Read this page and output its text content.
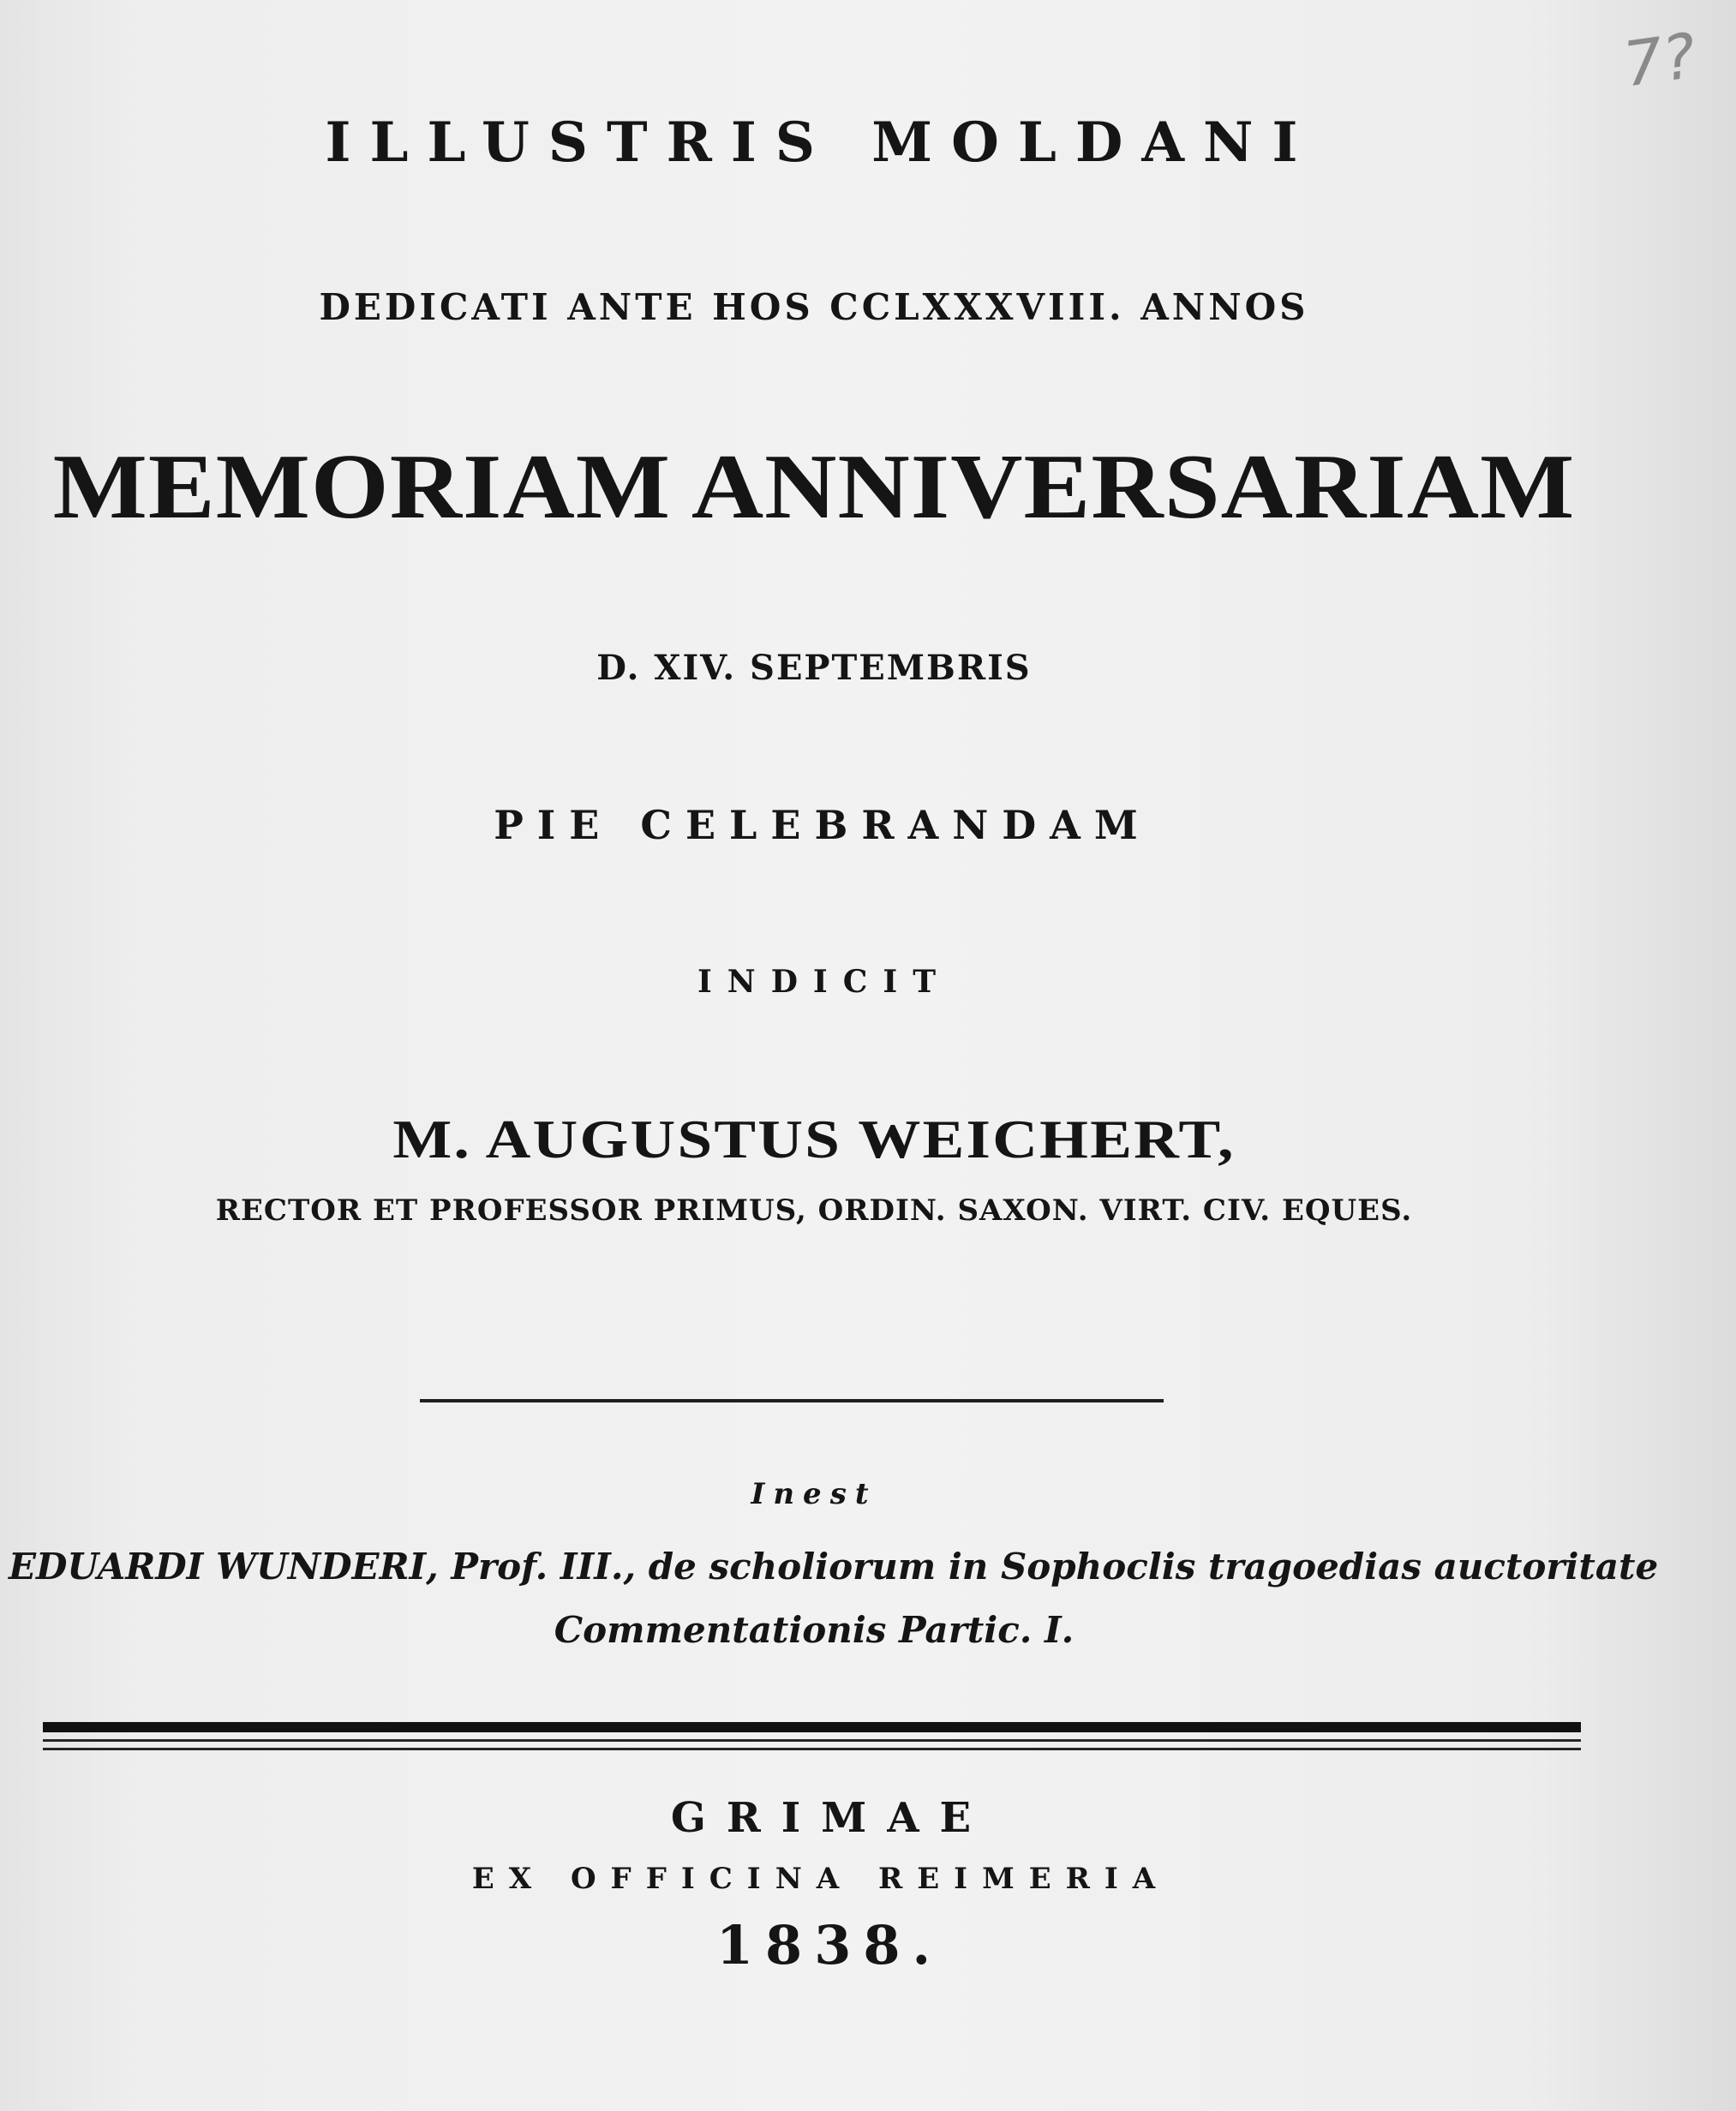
7?
ILLUSTRIS MOLDANI
DEDICATI ANTE HOS CCLXXXVIII. ANNOS
MEMORIAM ANNIVERSARIAM
D. XIV. SEPTEMBRIS
PIE CELEBRANDAM
INDICIT
M. AUGUSTUS WEICHERT,
RECTOR ET PROFESSOR PRIMUS, ORDIN. SAXON. VIRT. CIV. EQUES.
Inest
EDUARDI WUNDERI, Prof. III., de scholiorum in Sophoclis tragoedias auctoritate
Commentationis Partic. I.
GRIMAE
EX OFFICINA REIMERIA
1838.
